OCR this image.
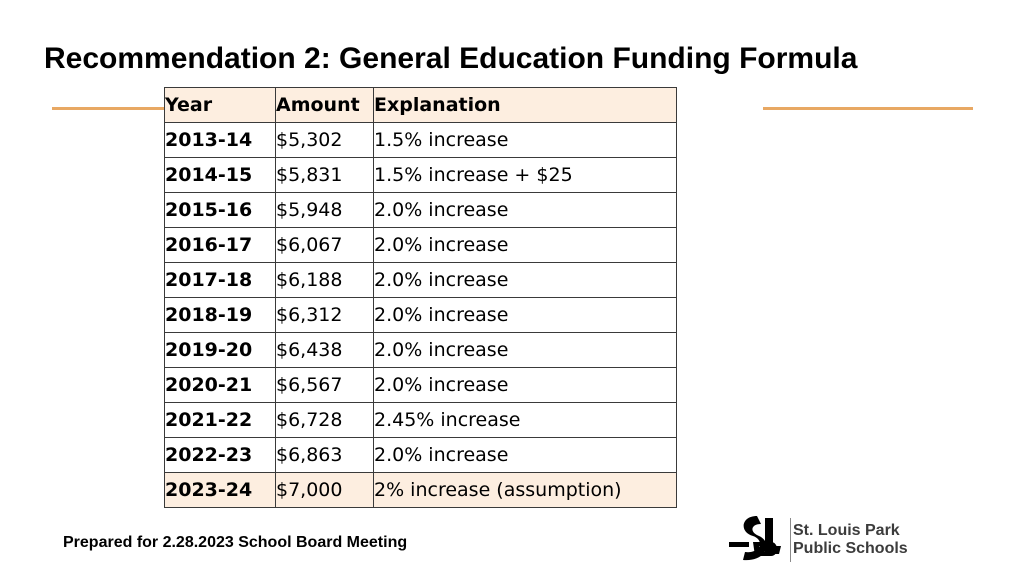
Recommendation 2: General Education Funding Formula
Year	Amount	Explanation
2013-14	$5,302	1.5% increase
2014-15	$5,831	1.5% increase + $25
2015-16	$5,948	2.0% increase
2016-17	$6,067	2.0% increase
2017-18	$6,188	2.0% increase
2018-19	$6,312	2.0% increase
2019-20	$6,438	2.0% increase
2020-21	$6,567	2.0% increase
2021-22	$6,728	2.45% increase
2022-23	$6,863	2.0% increase
2023-24	$7,000	2% increase (assumption)
Prepared for 2.28.2023 School Board Meeting
St. Louis Park
Public Schools
